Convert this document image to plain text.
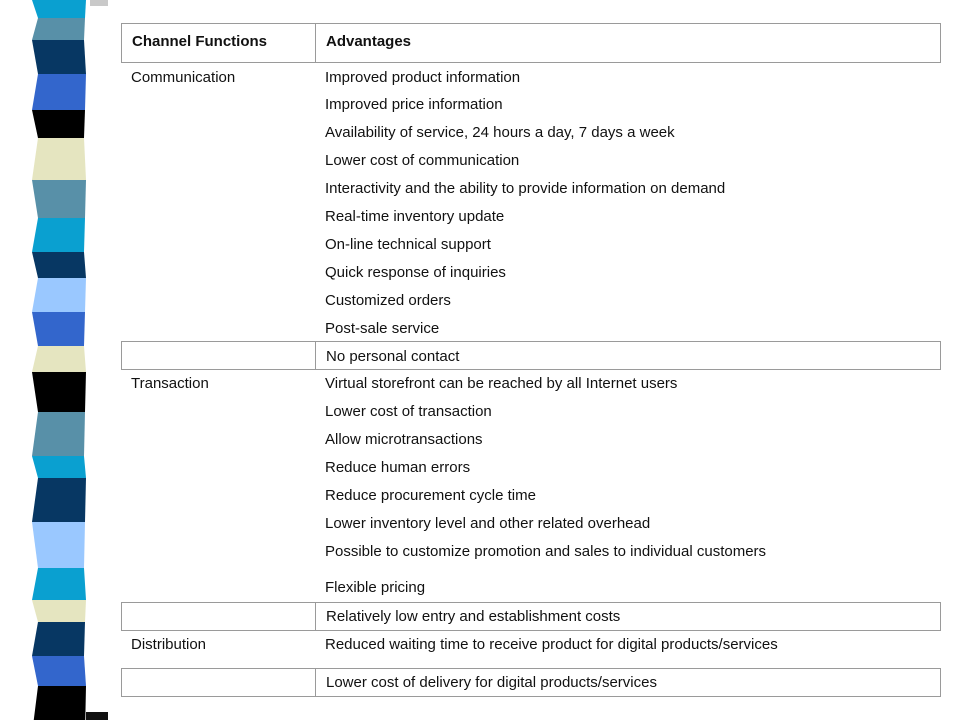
Channel Functions	Advantages
Communication	Improved product information
Improved price information
Availability of service, 24 hours a day, 7 days a week
Lower cost of communication
Interactivity and the ability to provide information on demand
Real-time inventory update
On-line technical support
Quick response of inquiries
Customized orders
Post-sale service
No personal contact
Transaction	Virtual storefront can be reached by all Internet users
Lower cost of transaction
Allow microtransactions
Reduce human errors
Reduce procurement cycle time
Lower inventory level and other related overhead
Possible to customize promotion and sales to individual customers
Flexible pricing
Relatively low entry and establishment costs
Distribution	Reduced waiting time to receive product for digital products/services
Lower cost of delivery for digital products/services
